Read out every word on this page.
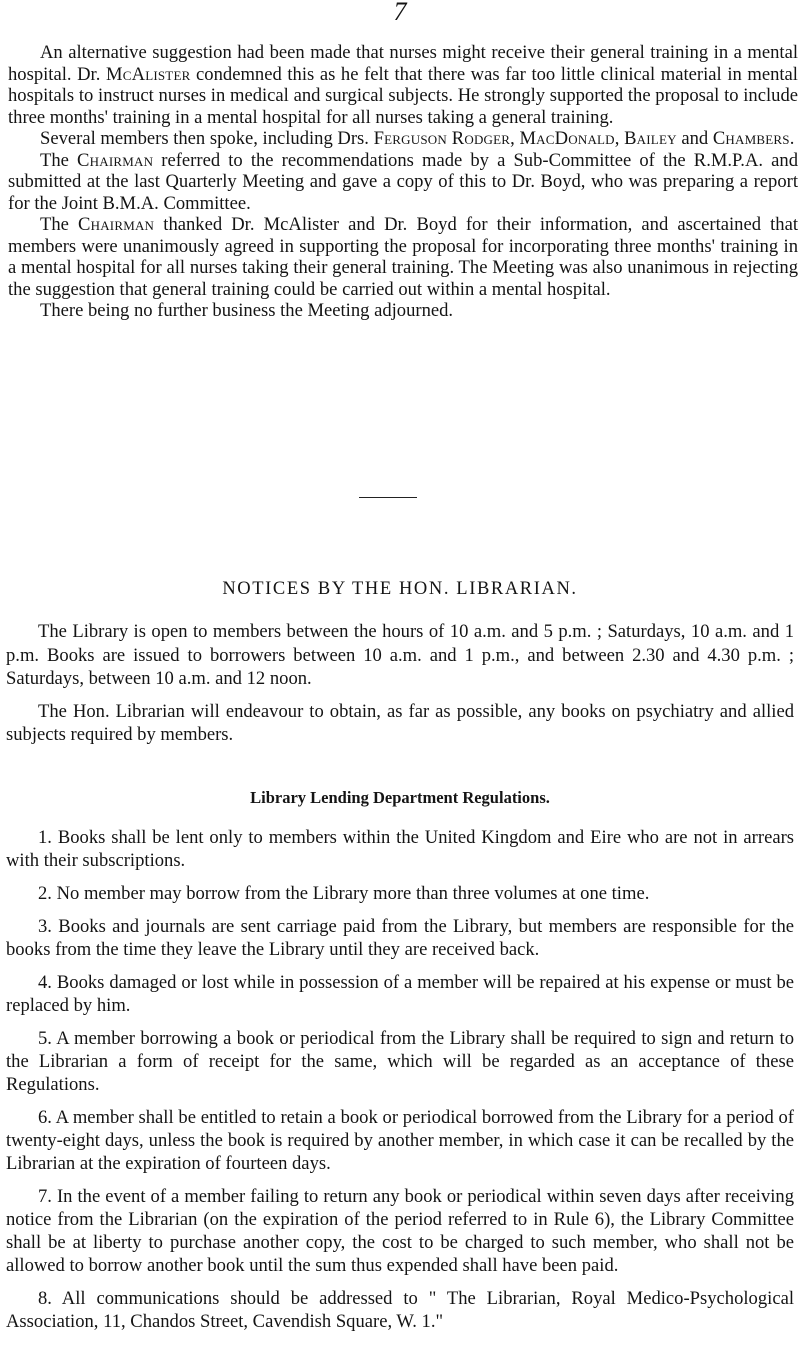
7

An alternative suggestion had been made that nurses might receive their general training in a mental hospital. Dr. McAlister condemned this as he felt that there was far too little clinical material in mental hospitals to instruct nurses in medical and surgical subjects. He strongly supported the proposal to include three months' training in a mental hospital for all nurses taking a general training.

Several members then spoke, including Drs. Ferguson Rodger, MacDonald, Bailey and Chambers.

The Chairman referred to the recommendations made by a Sub-Committee of the R.M.P.A. and submitted at the last Quarterly Meeting and gave a copy of this to Dr. Boyd, who was preparing a report for the Joint B.M.A. Committee.

The Chairman thanked Dr. McAlister and Dr. Boyd for their information, and ascertained that members were unanimously agreed in supporting the proposal for incorporating three months' training in a mental hospital for all nurses taking their general training. The Meeting was also unanimous in rejecting the suggestion that general training could be carried out within a mental hospital.

There being no further business the Meeting adjourned.

NOTICES BY THE HON. LIBRARIAN.

The Library is open to members between the hours of 10 a.m. and 5 p.m. ; Saturdays, 10 a.m. and 1 p.m. Books are issued to borrowers between 10 a.m. and 1 p.m., and between 2.30 and 4.30 p.m. ; Saturdays, between 10 a.m. and 12 noon.

The Hon. Librarian will endeavour to obtain, as far as possible, any books on psychiatry and allied subjects required by members.

Library Lending Department Regulations.

1. Books shall be lent only to members within the United Kingdom and Eire who are not in arrears with their subscriptions.

2. No member may borrow from the Library more than three volumes at one time.

3. Books and journals are sent carriage paid from the Library, but members are responsible for the books from the time they leave the Library until they are received back.

4. Books damaged or lost while in possession of a member will be repaired at his expense or must be replaced by him.

5. A member borrowing a book or periodical from the Library shall be required to sign and return to the Librarian a form of receipt for the same, which will be regarded as an acceptance of these Regulations.

6. A member shall be entitled to retain a book or periodical borrowed from the Library for a period of twenty-eight days, unless the book is required by another member, in which case it can be recalled by the Librarian at the expiration of fourteen days.

7. In the event of a member failing to return any book or periodical within seven days after receiving notice from the Librarian (on the expiration of the period referred to in Rule 6), the Library Committee shall be at liberty to purchase another copy, the cost to be charged to such member, who shall not be allowed to borrow another book until the sum thus expended shall have been paid.

8. All communications should be addressed to " The Librarian, Royal Medico-Psychological Association, 11, Chandos Street, Cavendish Square, W. 1."
